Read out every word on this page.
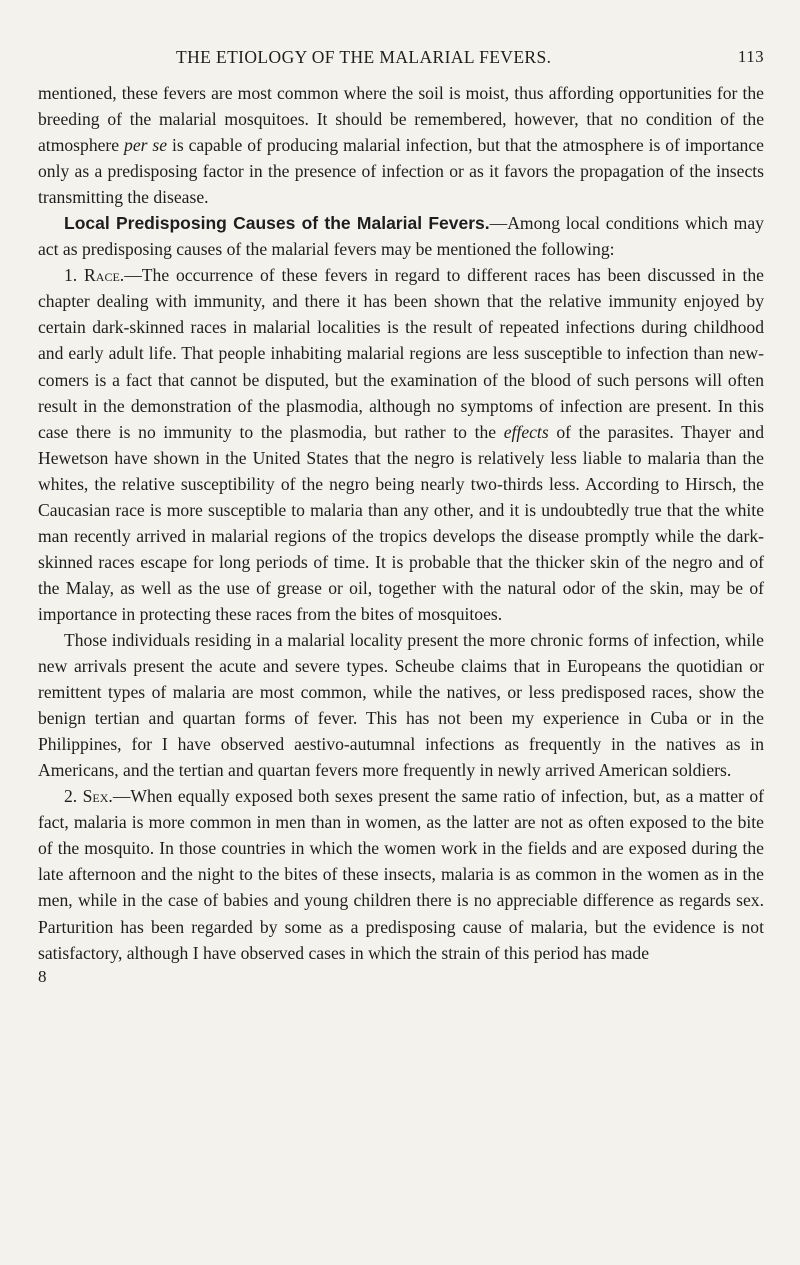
THE ETIOLOGY OF THE MALARIAL FEVERS.	113

mentioned, these fevers are most common where the soil is moist, thus affording opportunities for the breeding of the malarial mosquitoes. It should be remembered, however, that no condition of the atmosphere per se is capable of producing malarial infection, but that the atmosphere is of importance only as a predisposing factor in the presence of infection or as it favors the propagation of the insects transmitting the disease.

Local Predisposing Causes of the Malarial Fevers.—Among local conditions which may act as predisposing causes of the malarial fevers may be mentioned the following:

1. Race.—The occurrence of these fevers in regard to different races has been discussed in the chapter dealing with immunity, and there it has been shown that the relative immunity enjoyed by certain dark-skinned races in malarial localities is the result of repeated infections during childhood and early adult life. That people inhabiting malarial regions are less susceptible to infection than new-comers is a fact that cannot be disputed, but the examination of the blood of such persons will often result in the demonstration of the plasmodia, although no symptoms of infection are present. In this case there is no immunity to the plasmodia, but rather to the effects of the parasites. Thayer and Hewetson have shown in the United States that the negro is relatively less liable to malaria than the whites, the relative susceptibility of the negro being nearly two-thirds less. According to Hirsch, the Caucasian race is more susceptible to malaria than any other, and it is undoubtedly true that the white man recently arrived in malarial regions of the tropics develops the disease promptly while the dark-skinned races escape for long periods of time. It is probable that the thicker skin of the negro and of the Malay, as well as the use of grease or oil, together with the natural odor of the skin, may be of importance in protecting these races from the bites of mosquitoes.

Those individuals residing in a malarial locality present the more chronic forms of infection, while new arrivals present the acute and severe types. Scheube claims that in Europeans the quotidian or remittent types of malaria are most common, while the natives, or less predisposed races, show the benign tertian and quartan forms of fever. This has not been my experience in Cuba or in the Philippines, for I have observed aestivo-autumnal infections as frequently in the natives as in Americans, and the tertian and quartan fevers more frequently in newly arrived American soldiers.

2. Sex.—When equally exposed both sexes present the same ratio of infection, but, as a matter of fact, malaria is more common in men than in women, as the latter are not as often exposed to the bite of the mosquito. In those countries in which the women work in the fields and are exposed during the late afternoon and the night to the bites of these insects, malaria is as common in the women as in the men, while in the case of babies and young children there is no appreciable difference as regards sex. Parturition has been regarded by some as a predisposing cause of malaria, but the evidence is not satisfactory, although I have observed cases in which the strain of this period has made

8
